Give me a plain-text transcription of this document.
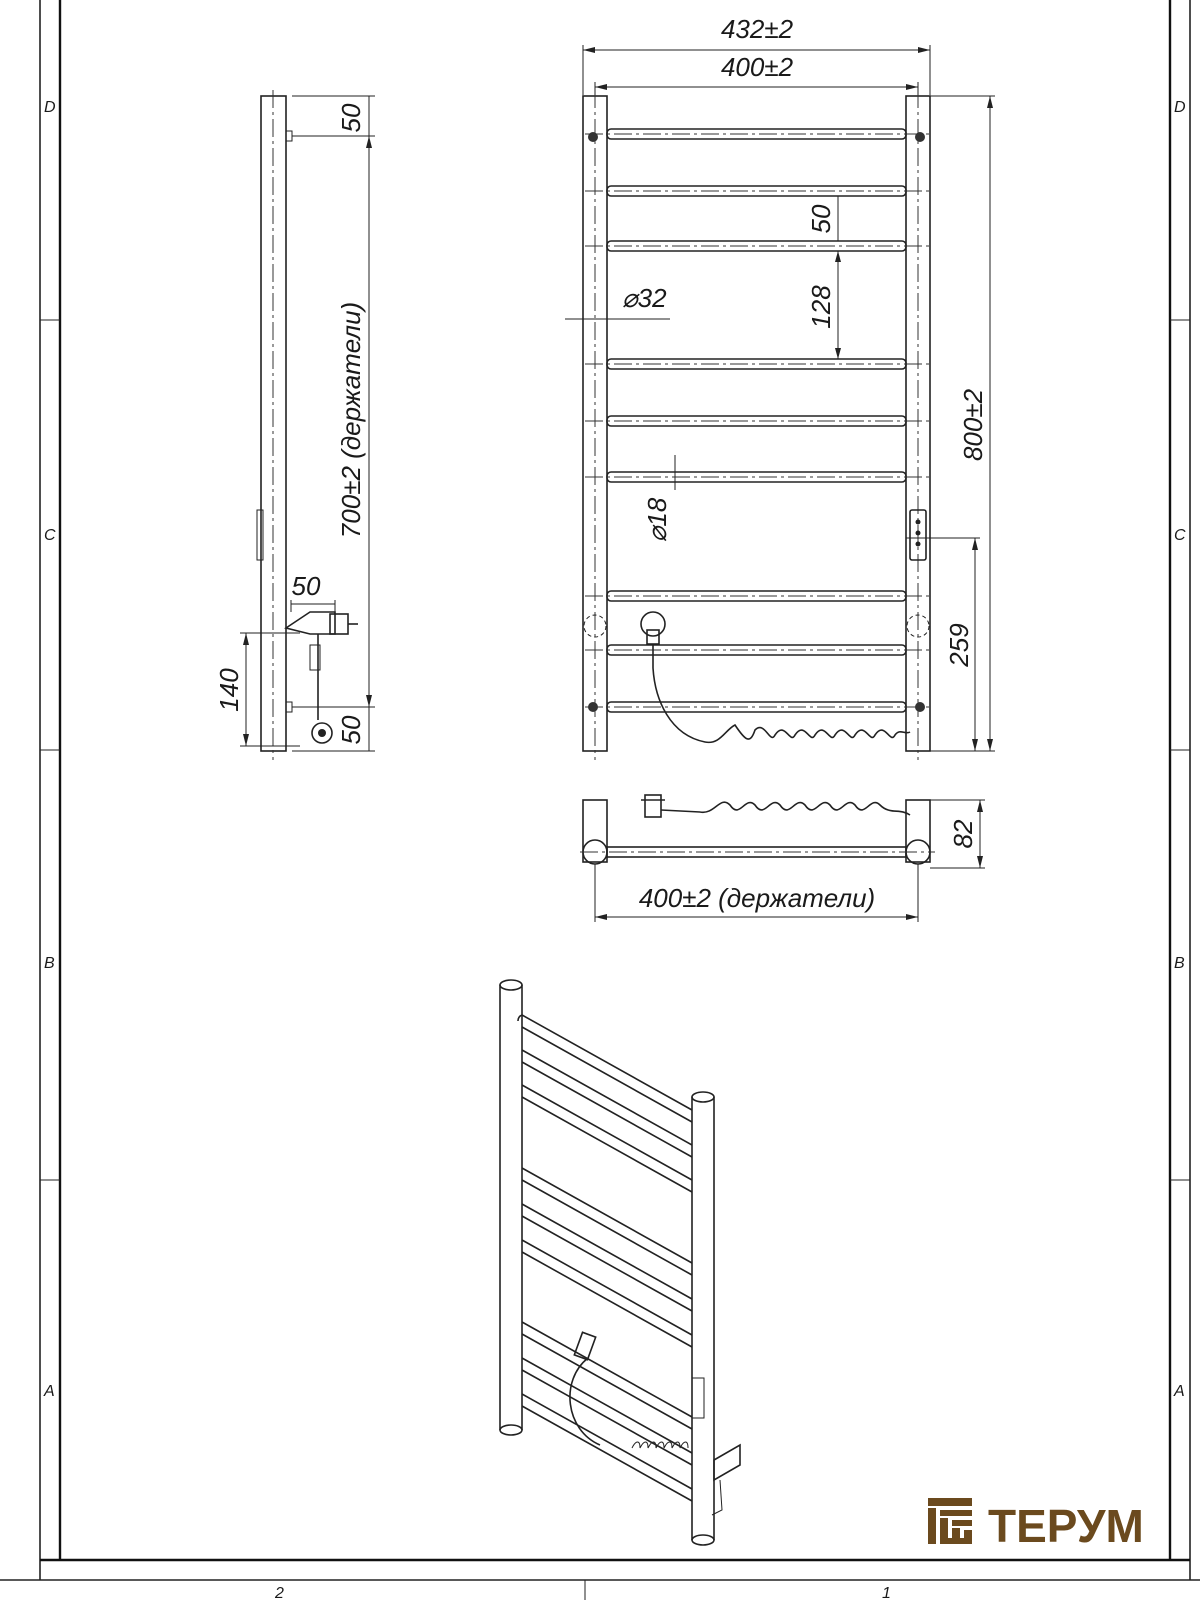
D
C
B
A
D
C
B
A
2	1
432±2
400±2
800±2
259
50
128
⌀32
⌀18
50
700±2 (держатели)
50
50
140
82
400±2 (держатели)
ТЕРУМ
